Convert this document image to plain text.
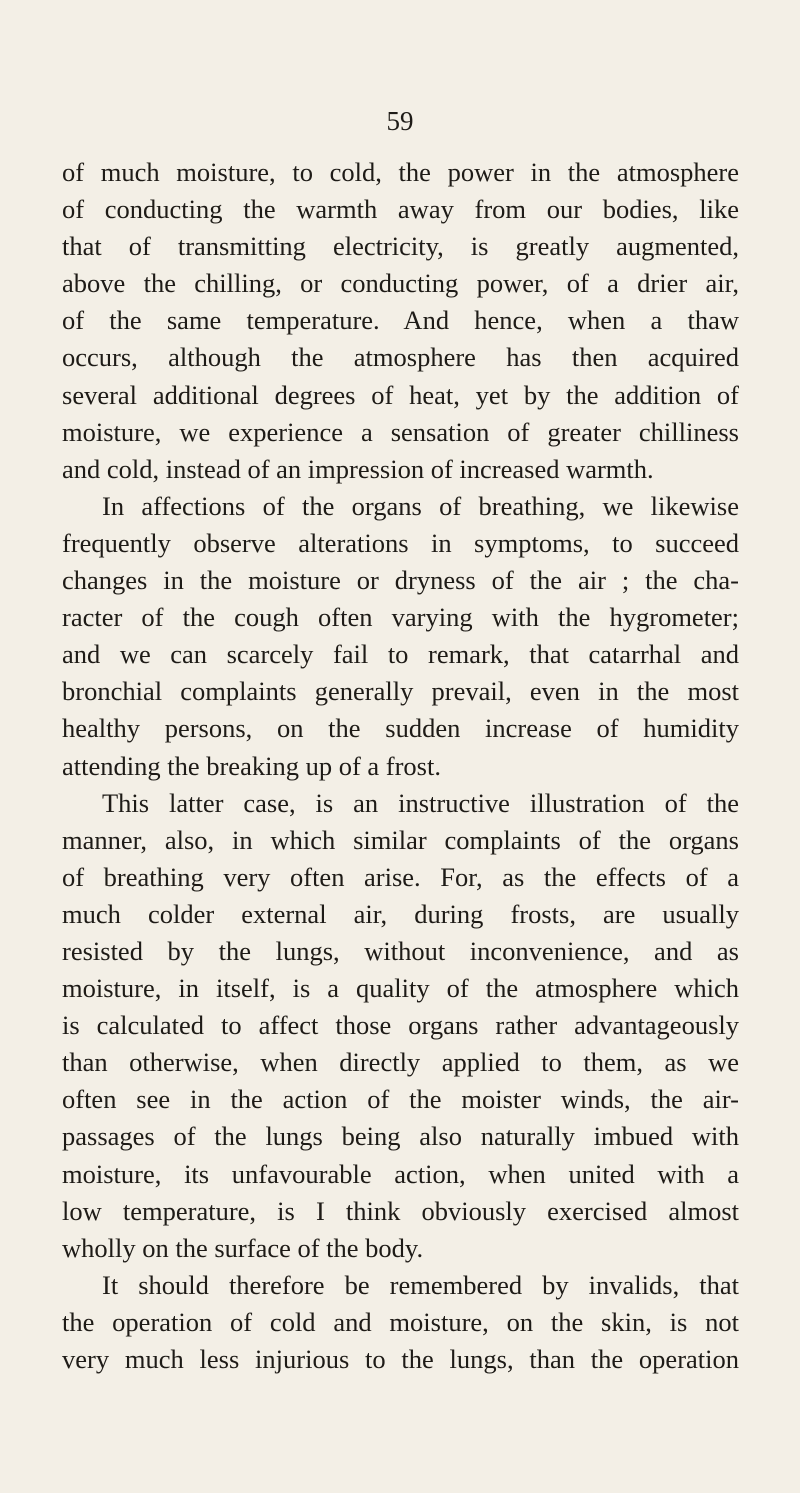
59
of much moisture, to cold, the power in the atmosphere
of conducting the warmth away from our bodies, like
that of transmitting electricity, is greatly augmented,
above the chilling, or conducting power, of a drier air,
of the same temperature. And hence, when a thaw
occurs, although the atmosphere has then acquired
several additional degrees of heat, yet by the addition of
moisture, we experience a sensation of greater chilliness
and cold, instead of an impression of increased warmth.
In affections of the organs of breathing, we likewise
frequently observe alterations in symptoms, to succeed
changes in the moisture or dryness of the air ; the cha-
racter of the cough often varying with the hygrometer;
and we can scarcely fail to remark, that catarrhal and
bronchial complaints generally prevail, even in the most
healthy persons, on the sudden increase of humidity
attending the breaking up of a frost.
This latter case, is an instructive illustration of the
manner, also, in which similar complaints of the organs
of breathing very often arise. For, as the effects of a
much colder external air, during frosts, are usually
resisted by the lungs, without inconvenience, and as
moisture, in itself, is a quality of the atmosphere which
is calculated to affect those organs rather advantageously
than otherwise, when directly applied to them, as we
often see in the action of the moister winds, the air-
passages of the lungs being also naturally imbued with
moisture, its unfavourable action, when united with a
low temperature, is I think obviously exercised almost
wholly on the surface of the body.
It should therefore be remembered by invalids, that
the operation of cold and moisture, on the skin, is not
very much less injurious to the lungs, than the operation
